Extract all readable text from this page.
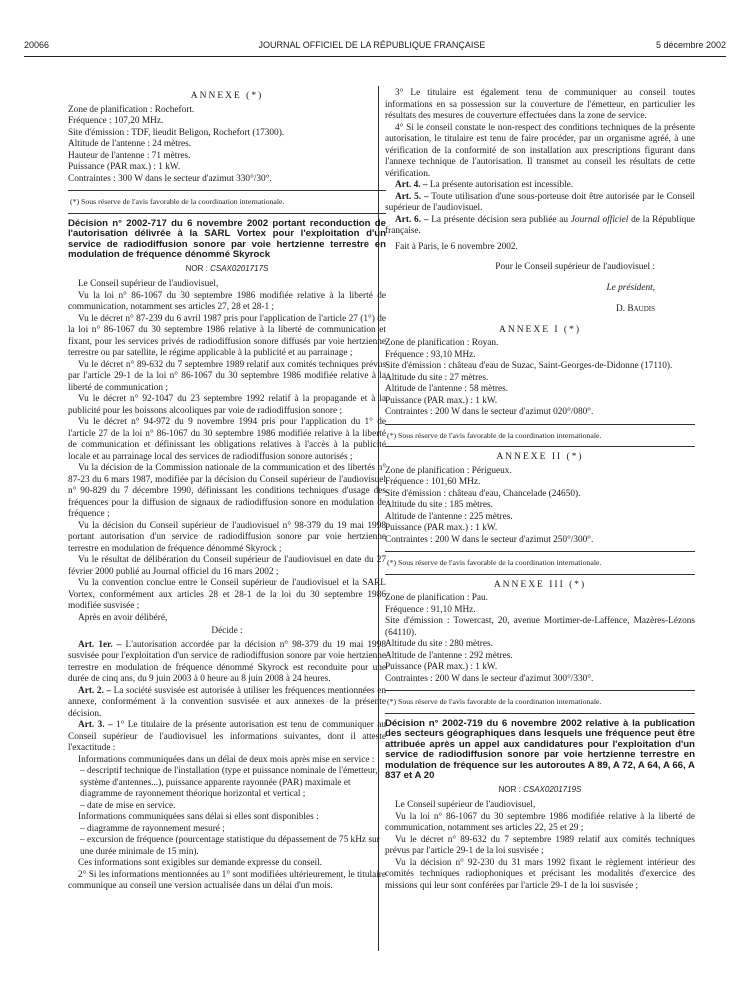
20066	JOURNAL OFFICIEL DE LA RÉPUBLIQUE FRANÇAISE	5 décembre 2002
ANNEXE (*)

Zone de planification : Rochefort.

Fréquence : 107,20 MHz.

Site d'émission : TDF, lieudit Beligon, Rochefort (17300).

Altitude de l'antenne : 24 mètres.

Hauteur de l'antenne : 71 mètres.

Puissance (PAR max.) : 1 kW.

Contraintes : 300 W dans le secteur d'azimut 330°/30°.

(*) Sous réserve de l'avis favorable de la coordination internationale.

Décision n° 2002-717 du 6 novembre 2002 portant reconduction de l'autorisation délivrée à la SARL Vortex pour l'exploitation d'un service de radiodiffusion sonore par voie hertzienne terrestre en modulation de fréquence dénommé Skyrock
NOR : CSAX0201717S

Le Conseil supérieur de l'audiovisuel,

Vu la loi n° 86-1067 du 30 septembre 1986 modifiée relative à la liberté de communication, notamment ses articles 27, 28 et 28-1 ;

Vu le décret n° 87-239 du 6 avril 1987 pris pour l'application de l'article 27 (1°) de la loi n° 86-1067 du 30 septembre 1986 relative à la liberté de communication et fixant, pour les services privés de radiodiffusion sonore diffusés par voie hertzienne terrestre ou par satellite, le régime applicable à la publicité et au parrainage ;

Vu le décret n° 89-632 du 7 septembre 1989 relatif aux comités techniques prévus par l'article 29-1 de la loi n° 86-1067 du 30 septembre 1986 modifiée relative à la liberté de communication ;

Vu le décret n° 92-1047 du 23 septembre 1992 relatif à la propagande et à la publicité pour les boissons alcooliques par voie de radiodiffusion sonore ;

Vu le décret n° 94-972 du 9 novembre 1994 pris pour l'application du 1° de l'article 27 de la loi n° 86-1067 du 30 septembre 1986 modifiée relative à la liberté de communication et définissant les obligations relatives à l'accès à la publicité locale et au parrainage local des services de radiodiffusion sonore autorisés ;

Vu la décision de la Commission nationale de la communication et des libertés n° 87-23 du 6 mars 1987, modifiée par la décision du Conseil supérieur de l'audiovisuel n° 90-829 du 7 décembre 1990, définissant les conditions techniques d'usage des fréquences pour la diffusion de signaux de radiodiffusion sonore en modulation de fréquence ;

Vu la décision du Conseil supérieur de l'audiovisuel n° 98-379 du 19 mai 1998 portant autorisation d'un service de radiodiffusion sonore par voie hertzienne terrestre en modulation de fréquence dénommé Skyrock ;

Vu le résultat de délibération du Conseil supérieur de l'audiovisuel en date du 27 février 2000 publié au Journal officiel du 16 mars 2002 ;

Vu la convention conclue entre le Conseil supérieur de l'audiovisuel et la SARL Vortex, conformément aux articles 28 et 28-1 de la loi du 30 septembre 1986 modifiée susvisée ;

Après en avoir délibéré,

Décide :

Art. 1er. – L'autorisation accordée par la décision n° 98-379 du 19 mai 1998 susvisée pour l'exploitation d'un service de radiodiffusion sonore par voie hertzienne terrestre en modulation de fréquence dénommé Skyrock est reconduite pour une durée de cinq ans, du 9 juin 2003 à 0 heure au 8 juin 2008 à 24 heures.

Art. 2. – La société susvisée est autorisée à utiliser les fréquences mentionnées en annexe, conformément à la convention susvisée et aux annexes de la présente décision.

Art. 3. – 1° Le titulaire de la présente autorisation est tenu de communiquer au Conseil supérieur de l'audiovisuel les informations suivantes, dont il atteste l'exactitude :

Informations communiquées dans un délai de deux mois après mise en service :

– descriptif technique de l'installation (type et puissance nominale de l'émetteur, système d'antennes...), puissance apparente rayonnée (PAR) maximale et diagramme de rayonnement théorique horizontal et vertical ;

– date de mise en service.

Informations communiquées sans délai si elles sont disponibles :

– diagramme de rayonnement mesuré ;

– excursion de fréquence (pourcentage statistique du dépassement de 75 kHz sur une durée minimale de 15 min).

Ces informations sont exigibles sur demande expresse du conseil.

2° Si les informations mentionnées au 1° sont modifiées ultérieurement, le titulaire communique au conseil une version actualisée dans un délai d'un mois.

3° Le titulaire est également tenu de communiquer au conseil toutes informations en sa possession sur la couverture de l'émetteur, en particulier les résultats des mesures de couverture effectuées dans la zone de service.

4° Si le conseil constate le non-respect des conditions techniques de la présente autorisation, le titulaire est tenu de faire procéder, par un organisme agréé, à une vérification de la conformité de son installation aux prescriptions figurant dans l'annexe technique de l'autorisation. Il transmet au conseil les résultats de cette vérification.

Art. 4. – La présente autorisation est incessible.

Art. 5. – Toute utilisation d'une sous-porteuse doit être autorisée par le Conseil supérieur de l'audiovisuel.

Art. 6. – La présente décision sera publiée au Journal officiel de la République française.

Fait à Paris, le 6 novembre 2002.

Pour le Conseil supérieur de l'audiovisuel :

Le président,

D. Baudis

ANNEXE I (*)

Zone de planification : Royan.

Fréquence : 93,10 MHz.

Site d'émission : château d'eau de Suzac, Saint-Georges-de-Didonne (17110).

Altitude du site : 27 mètres.

Altitude de l'antenne : 58 mètres.

Puissance (PAR max.) : 1 kW.

Contraintes : 200 W dans le secteur d'azimut 020°/080°.

(*) Sous réserve de l'avis favorable de la coordination internationale.

ANNEXE II (*)

Zone de planification : Périgueux.

Fréquence : 101,60 MHz.

Site d'émission : château d'eau, Chancelade (24650).

Altitude du site : 185 mètres.

Altitude de l'antenne : 225 mètres.

Puissance (PAR max.) : 1 kW.

Contraintes : 200 W dans le secteur d'azimut 250°/300°.

(*) Sous réserve de l'avis favorable de la coordination internationale.

ANNEXE III (*)

Zone de planification : Pau.

Fréquence : 91,10 MHz.

Site d'émission : Towercast, 20, avenue Mortimer-de-Laffence, Mazères-Lézons (64110).

Altitude du site : 280 mètres.

Altitude de l'antenne : 292 mètres.

Puissance (PAR max.) : 1 kW.

Contraintes : 200 W dans le secteur d'azimut 300°/330°.

(*) Sous réserve de l'avis favorable de la coordination internationale.

Décision n° 2002-719 du 6 novembre 2002 relative à la publication des secteurs géographiques dans lesquels une fréquence peut être attribuée après un appel aux candidatures pour l'exploitation d'un service de radiodiffusion sonore par voie hertzienne terrestre en modulation de fréquence sur les autoroutes A 89, A 72, A 64, A 66, A 837 et A 20
NOR : CSAX0201719S

Le Conseil supérieur de l'audiovisuel,

Vu la loi n° 86-1067 du 30 septembre 1986 modifiée relative à la liberté de communication, notamment ses articles 22, 25 et 29 ;

Vu le décret n° 89-632 du 7 septembre 1989 relatif aux comités techniques prévus par l'article 29-1 de la loi susvisée ;

Vu la décision n° 92-230 du 31 mars 1992 fixant le règlement intérieur des comités techniques radiophoniques et précisant les modalités d'exercice des missions qui leur sont conférées par l'article 29-1 de la loi susvisée ;
